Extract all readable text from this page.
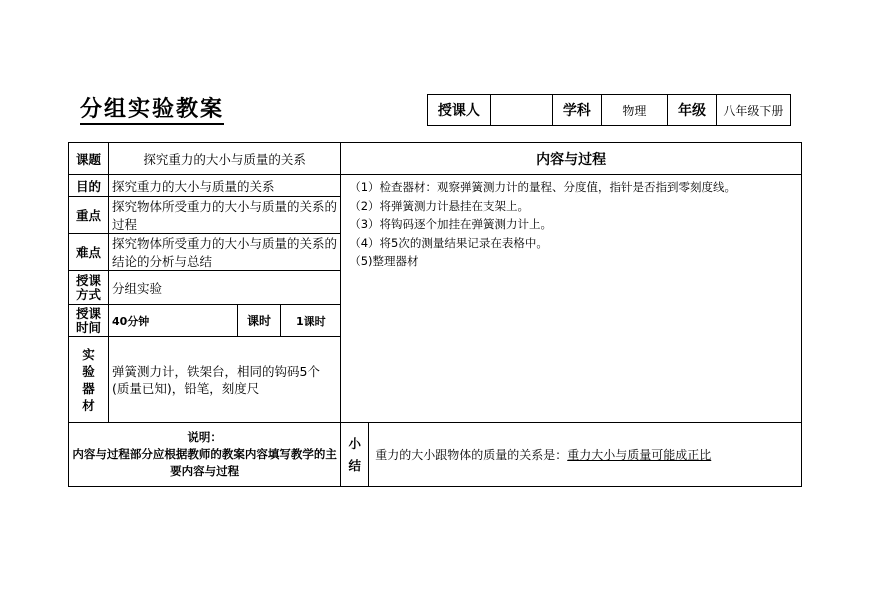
分组实验教案	授课人		学科	物理	年级	八年级下册
课题	探究重力的大小与质量的关系			内容与过程	
目的	探究重力的大小与质量的关系			（1）检查器材：观察弹簧测力计的量程、分度值，指针是否指到零刻度线。
（2）将弹簧测力计悬挂在支架上。
（3）将钩码逐个加挂在弹簧测力计上。
（4）将5次的测量结果记录在表格中。
（5)整理器材	

重点	探究物体所受重力的大小与质量的关系的过程				
难点	探究物体所受重力的大小与质量的关系的结论的分析与总结				
授课方式	分组实验				
授课时间	40分钟	课时	1课时		
实验器材	弹簧测力计，铁架台，相同的钩码5个(质量已知)，铅笔，刻度尺				

说明：
内容与过程部分应根据教师的教案内容填写教学的主要内容与过程				小结	重力的大小跟物体的质量的关系是：重力大小与质量可能成正比
